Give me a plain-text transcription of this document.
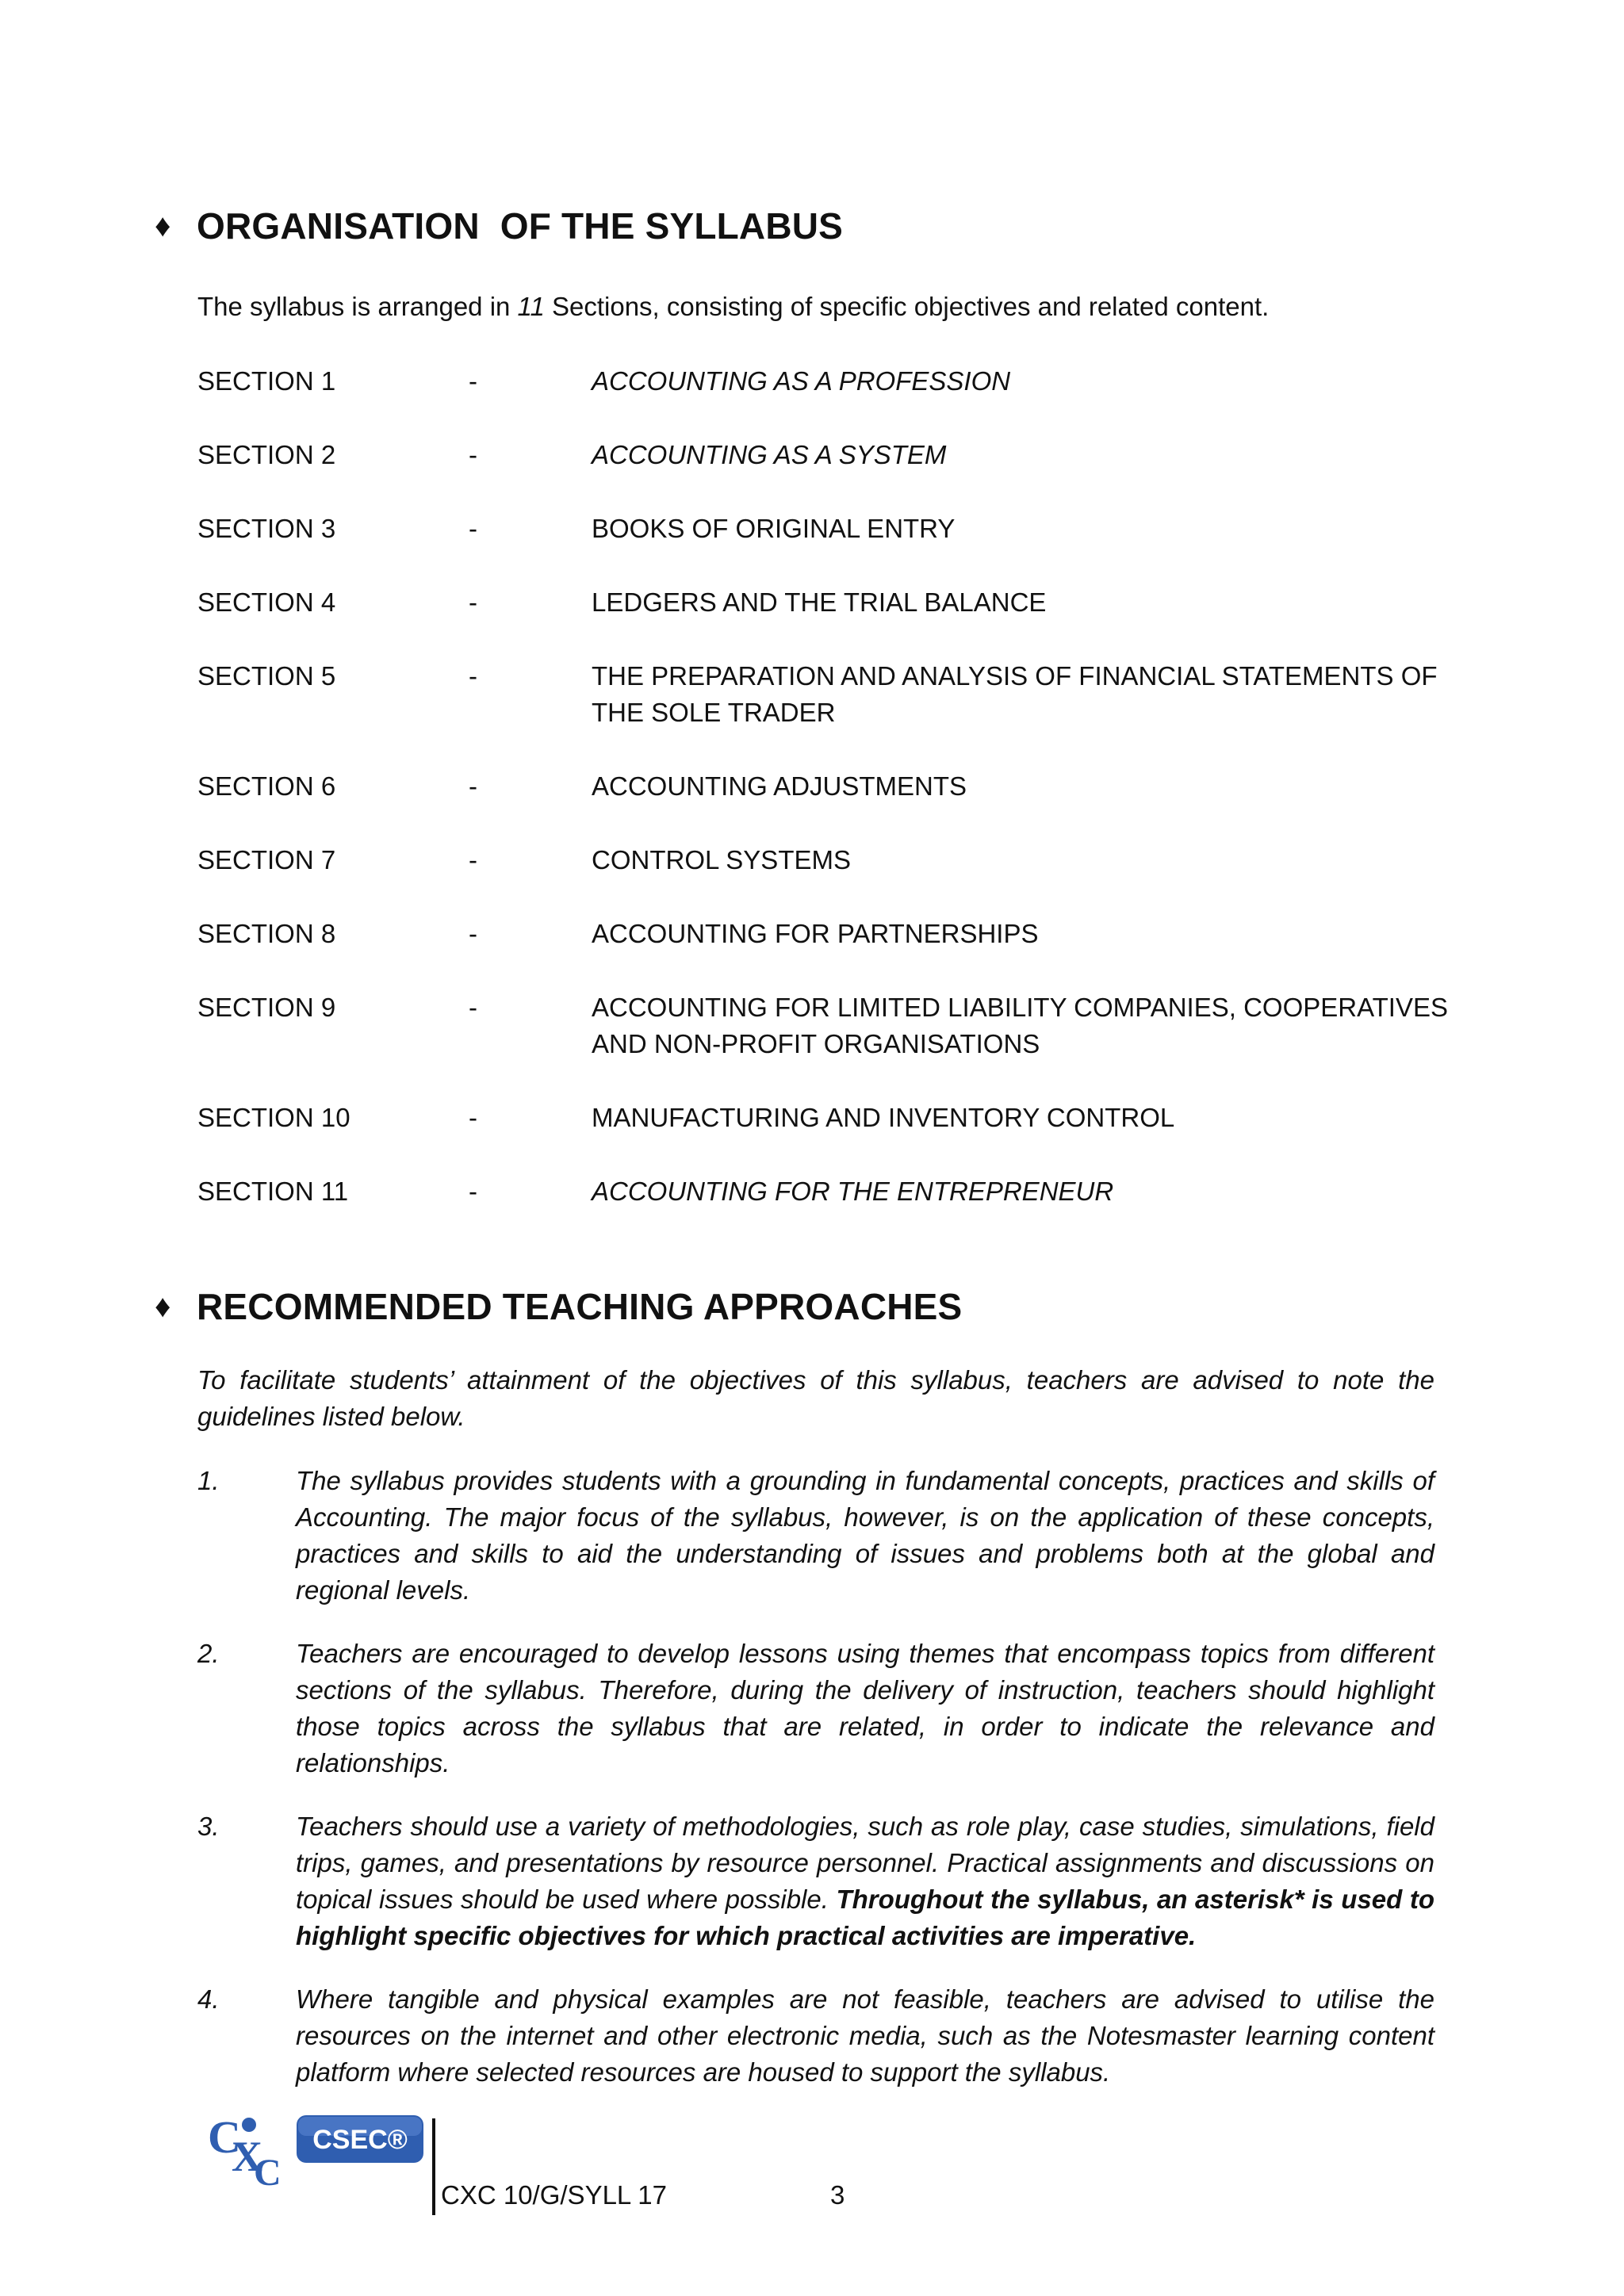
♦ ORGANISATION  OF THE SYLLABUS
The syllabus is arranged in 11 Sections, consisting of specific objectives and related content.
SECTION 1	-	ACCOUNTING AS A PROFESSION
SECTION 2	-	ACCOUNTING AS A SYSTEM
SECTION 3	-	BOOKS OF ORIGINAL ENTRY
SECTION 4	-	LEDGERS AND THE TRIAL BALANCE
SECTION 5	-	THE PREPARATION AND ANALYSIS OF FINANCIAL STATEMENTS OF THE SOLE TRADER
SECTION 6	-	ACCOUNTING ADJUSTMENTS
SECTION 7	-	CONTROL SYSTEMS
SECTION 8	-	ACCOUNTING FOR PARTNERSHIPS
SECTION 9	-	ACCOUNTING FOR LIMITED LIABILITY COMPANIES, COOPERATIVES AND NON-PROFIT ORGANISATIONS
SECTION 10	-	MANUFACTURING AND INVENTORY CONTROL
SECTION 11	-	ACCOUNTING FOR THE ENTREPRENEUR
♦ RECOMMENDED TEACHING APPROACHES
To facilitate students’ attainment of the objectives of this syllabus, teachers are advised to note the guidelines listed below.
1.	The syllabus provides students with a grounding in fundamental concepts, practices and skills of Accounting. The major focus of the syllabus, however, is on the application of these concepts, practices and skills to aid the understanding of issues and problems both at the global and regional levels.
2.	Teachers are encouraged to develop lessons using themes that encompass topics from different sections of the syllabus. Therefore, during the delivery of instruction, teachers should highlight those topics across the syllabus that are related, in order to indicate the relevance and relationships.
3.	Teachers should use a variety of methodologies, such as role play, case studies, simulations, field trips, games, and presentations by resource personnel. Practical assignments and discussions on topical issues should be used where possible. Throughout the syllabus, an asterisk* is used to highlight specific objectives for which practical activities are imperative.
4.	Where tangible and physical examples are not feasible, teachers are advised to utilise the resources on the internet and other electronic media, such as the Notesmaster learning content platform where selected resources are housed to support the syllabus.
C
X
C
CSEC®
CXC 10/G/SYLL 17	3
